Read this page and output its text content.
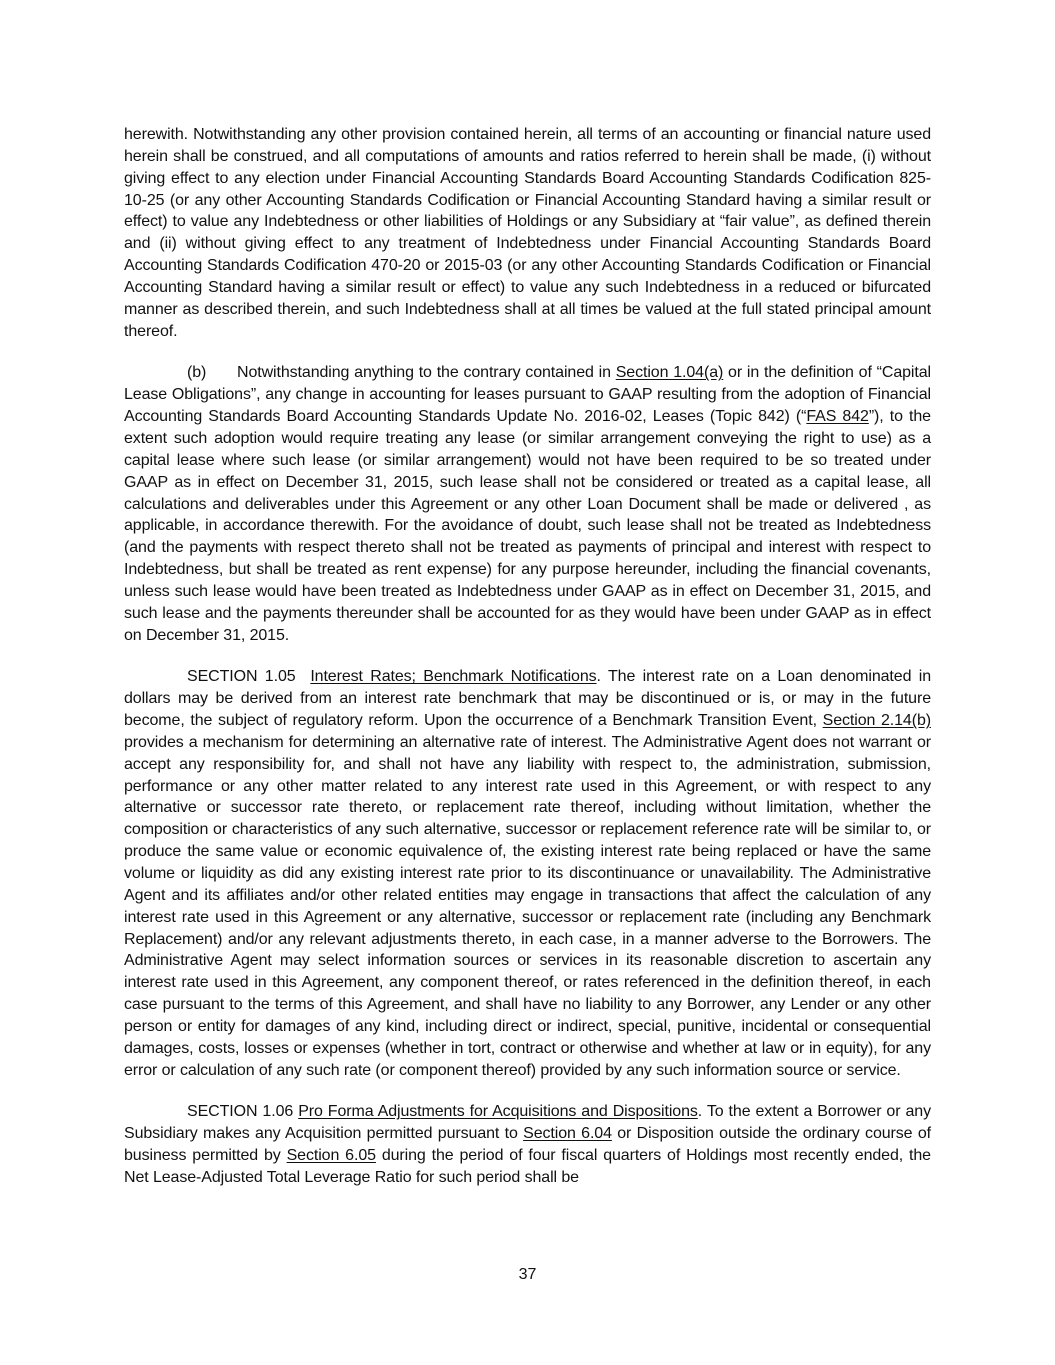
herewith. Notwithstanding any other provision contained herein, all terms of an accounting or financial nature used herein shall be construed, and all computations of amounts and ratios referred to herein shall be made, (i) without giving effect to any election under Financial Accounting Standards Board Accounting Standards Codification 825-10-25 (or any other Accounting Standards Codification or Financial Accounting Standard having a similar result or effect) to value any Indebtedness or other liabilities of Holdings or any Subsidiary at “fair value”, as defined therein and (ii) without giving effect to any treatment of Indebtedness under Financial Accounting Standards Board Accounting Standards Codification 470-20 or 2015-03 (or any other Accounting Standards Codification or Financial Accounting Standard having a similar result or effect) to value any such Indebtedness in a reduced or bifurcated manner as described therein, and such Indebtedness shall at all times be valued at the full stated principal amount thereof.

(b) Notwithstanding anything to the contrary contained in Section 1.04(a) or in the definition of “Capital Lease Obligations”, any change in accounting for leases pursuant to GAAP resulting from the adoption of Financial Accounting Standards Board Accounting Standards Update No. 2016-02, Leases (Topic 842) (“FAS 842”), to the extent such adoption would require treating any lease (or similar arrangement conveying the right to use) as a capital lease where such lease (or similar arrangement) would not have been required to be so treated under GAAP as in effect on December 31, 2015, such lease shall not be considered or treated as a capital lease, all calculations and deliverables under this Agreement or any other Loan Document shall be made or delivered , as applicable, in accordance therewith. For the avoidance of doubt, such lease shall not be treated as Indebtedness (and the payments with respect thereto shall not be treated as payments of principal and interest with respect to Indebtedness, but shall be treated as rent expense) for any purpose hereunder, including the financial covenants, unless such lease would have been treated as Indebtedness under GAAP as in effect on December 31, 2015, and such lease and the payments thereunder shall be accounted for as they would have been under GAAP as in effect on December 31, 2015.

SECTION 1.05 Interest Rates; Benchmark Notifications. The interest rate on a Loan denominated in dollars may be derived from an interest rate benchmark that may be discontinued or is, or may in the future become, the subject of regulatory reform. Upon the occurrence of a Benchmark Transition Event, Section 2.14(b) provides a mechanism for determining an alternative rate of interest. The Administrative Agent does not warrant or accept any responsibility for, and shall not have any liability with respect to, the administration, submission, performance or any other matter related to any interest rate used in this Agreement, or with respect to any alternative or successor rate thereto, or replacement rate thereof, including without limitation, whether the composition or characteristics of any such alternative, successor or replacement reference rate will be similar to, or produce the same value or economic equivalence of, the existing interest rate being replaced or have the same volume or liquidity as did any existing interest rate prior to its discontinuance or unavailability. The Administrative Agent and its affiliates and/or other related entities may engage in transactions that affect the calculation of any interest rate used in this Agreement or any alternative, successor or replacement rate (including any Benchmark Replacement) and/or any relevant adjustments thereto, in each case, in a manner adverse to the Borrowers. The Administrative Agent may select information sources or services in its reasonable discretion to ascertain any interest rate used in this Agreement, any component thereof, or rates referenced in the definition thereof, in each case pursuant to the terms of this Agreement, and shall have no liability to any Borrower, any Lender or any other person or entity for damages of any kind, including direct or indirect, special, punitive, incidental or consequential damages, costs, losses or expenses (whether in tort, contract or otherwise and whether at law or in equity), for any error or calculation of any such rate (or component thereof) provided by any such information source or service.

SECTION 1.06 Pro Forma Adjustments for Acquisitions and Dispositions. To the extent a Borrower or any Subsidiary makes any Acquisition permitted pursuant to Section 6.04 or Disposition outside the ordinary course of business permitted by Section 6.05 during the period of four fiscal quarters of Holdings most recently ended, the Net Lease-Adjusted Total Leverage Ratio for such period shall be

37
